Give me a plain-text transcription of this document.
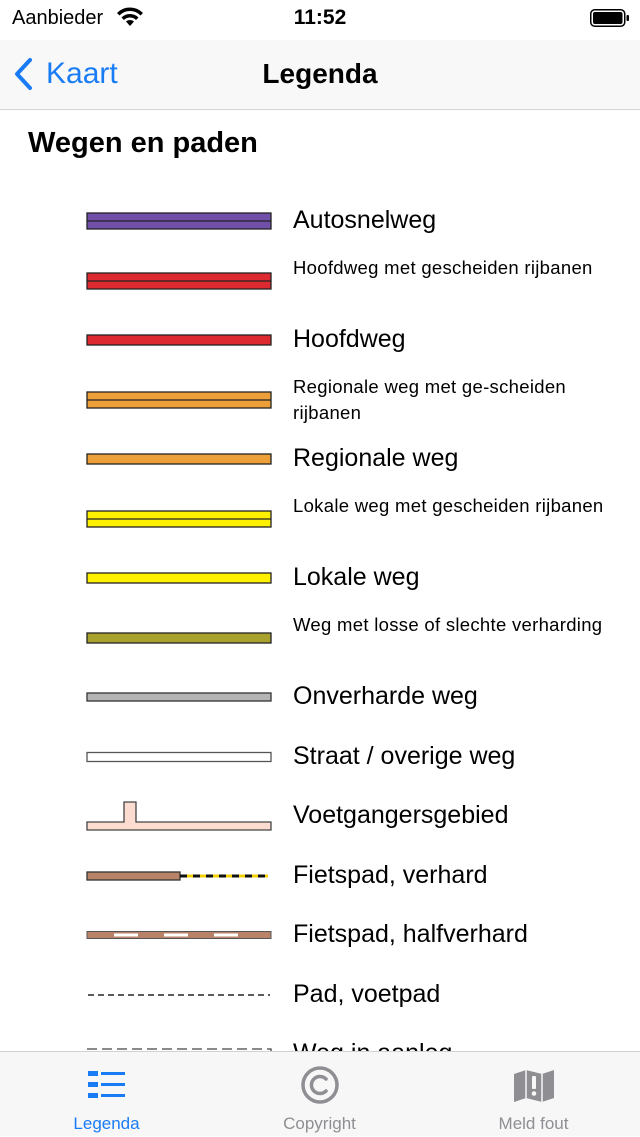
Aanbieder	11:52
Kaart	Legenda
Wegen en paden
Autosnelweg
Hoofdweg met gescheiden rijbanen
Hoofdweg
Regionale weg met ge-scheiden rijbanen
Regionale weg
Lokale weg met gescheiden rijbanen
Lokale weg
Weg met losse of slechte verharding
Onverharde weg
Straat / overige weg
Voetgangersgebied
Fietspad, verhard
Fietspad, halfverhard
Pad, voetpad
Legenda	Copyright	Meld fout
